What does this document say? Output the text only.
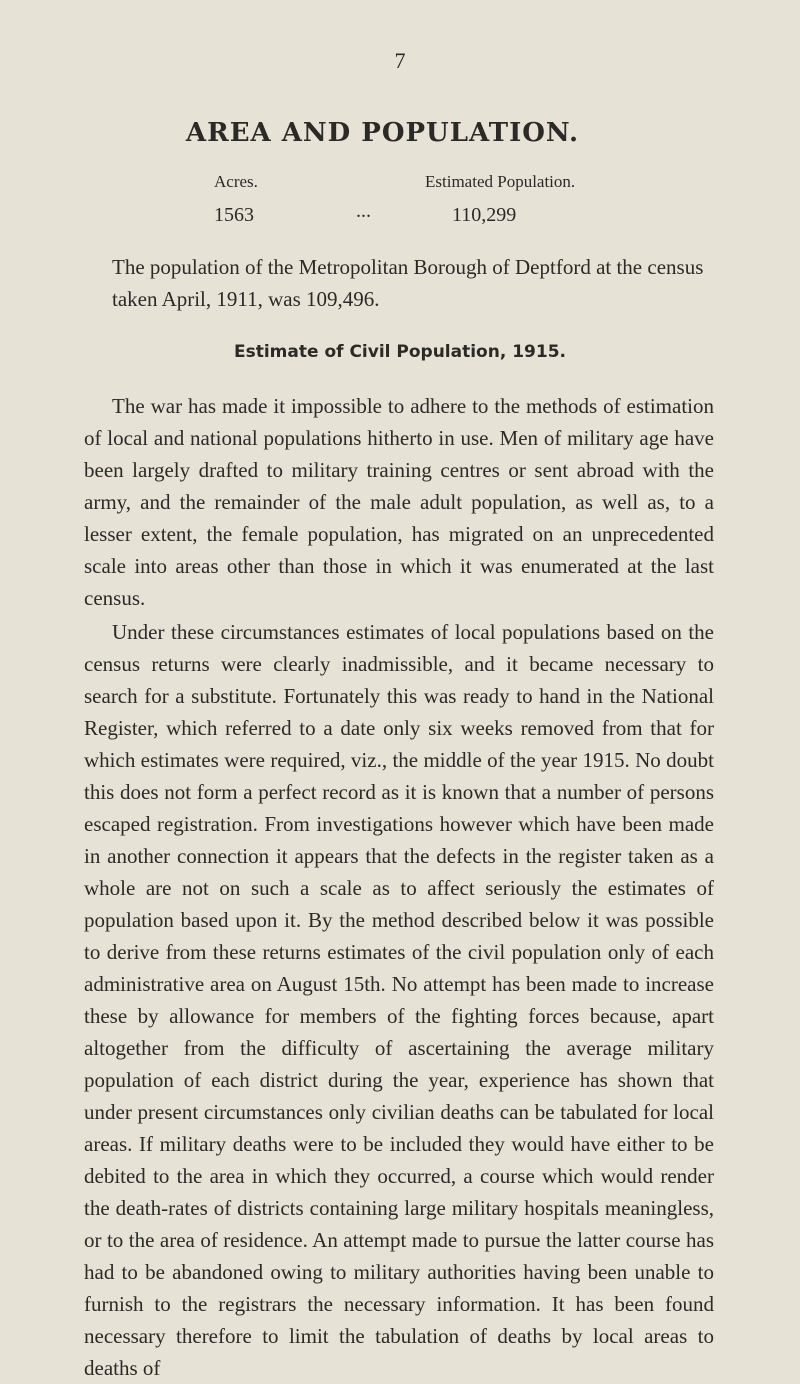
7
AREA AND POPULATION.
Acres.	Estimated Population.
1563	...	110,299
The population of the Metropolitan Borough of Deptford at the census taken April, 1911, was 109,496.
Estimate of Civil Population, 1915.

The war has made it impossible to adhere to the methods of estimation of local and national populations hitherto in use. Men of military age have been largely drafted to military training centres or sent abroad with the army, and the remainder of the male adult population, as well as, to a lesser extent, the female population, has migrated on an unprecedented scale into areas other than those in which it was enumerated at the last census.

Under these circumstances estimates of local populations based on the census returns were clearly inadmissible, and it became necessary to search for a substitute. Fortunately this was ready to hand in the National Register, which referred to a date only six weeks removed from that for which estimates were required, viz., the middle of the year 1915. No doubt this does not form a perfect record as it is known that a number of persons escaped registration. From investigations however which have been made in another connection it appears that the defects in the register taken as a whole are not on such a scale as to affect seriously the estimates of population based upon it. By the method described below it was possible to derive from these returns estimates of the civil population only of each administrative area on August 15th. No attempt has been made to increase these by allowance for members of the fighting forces because, apart altogether from the difficulty of ascertaining the average military population of each district during the year, experience has shown that under present circumstances only civilian deaths can be tabulated for local areas. If military deaths were to be included they would have either to be debited to the area in which they occurred, a course which would render the death-rates of districts containing large military hospitals meaningless, or to the area of residence. An attempt made to pursue the latter course has had to be abandoned owing to military authorities having been unable to furnish to the registrars the necessary information. It has been found necessary therefore to limit the tabulation of deaths by local areas to deaths of
